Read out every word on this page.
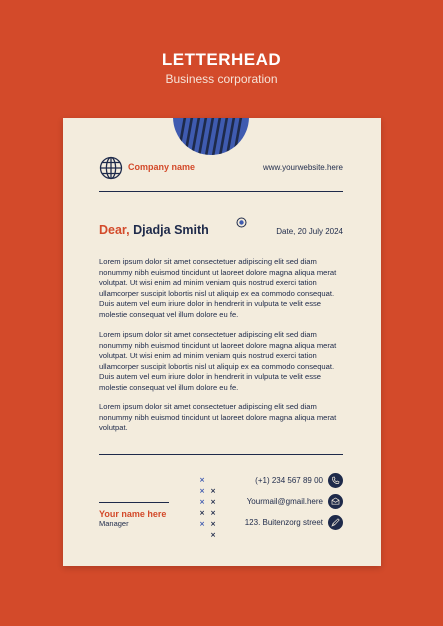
LETTERHEAD
Business corporation
Company name	www.yourwebsite.here
Dear, Djadja Smith	Date, 20 July 2024
Lorem ipsum dolor sit amet consectetuer adipiscing elit sed diam nonummy nibh euismod tincidunt ut laoreet dolore magna aliqua merat volutpat. Ut wisi enim ad minim veniam quis nostrud exerci tation ullamcorper suscipit lobortis nisl ut aliquip ex ea commodo consequat. Duis autem vel eum iriure dolor in hendrerit in vulputa te velit esse molestie consequat vel illum dolore eu fe.
Lorem ipsum dolor sit amet consectetuer adipiscing elit sed diam nonummy nibh euismod tincidunt ut laoreet dolore magna aliqua merat volutpat. Ut wisi enim ad minim veniam quis nostrud exerci tation ullamcorper suscipit lobortis nisl ut aliquip ex ea commodo consequat. Duis autem vel eum iriure dolor in hendrerit in vulputa te velit esse molestie consequat vel illum dolore eu fe.
Lorem ipsum dolor sit amet consectetuer adipiscing elit sed diam nonummy nibh euismod tincidunt ut laoreet dolore magna aliqua merat volutpat.
Your name here
Manager
×
× ×
× ×
× ×
× ×
×
(+1) 234 567 89 00
Yourmail@gmail.here
123. Buitenzorg street
